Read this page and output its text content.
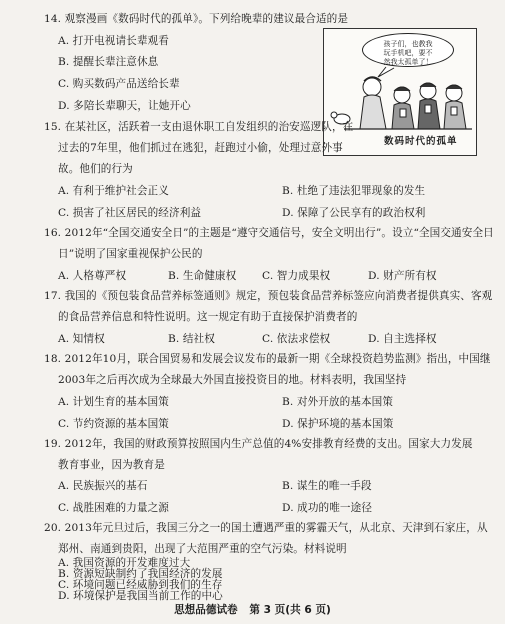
14. 观察漫画《数码时代的孤单》。下列给晚辈的建议最合适的是
A. 打开电视请长辈观看
B. 提醒长辈注意休息
C. 购买数码产品送给长辈
D. 多陪长辈聊天，让她开心
孩子们，也教我
玩手机吧，要不
然我太孤单了！
数码时代的孤单
15. 在某社区，活跃着一支由退休职工自发组织的治安巡逻队，在
过去的7年里，他们抓过在逃犯，赶跑过小偷，处理过意外事
故。他们的行为
A. 有利于维护社会正义	B. 杜绝了违法犯罪现象的发生
C. 损害了社区居民的经济利益	D. 保障了公民享有的政治权利
16. 2012年“全国交通安全日”的主题是“遵守交通信号，安全文明出行”。设立“全国交通安全日
日”说明了国家重视保护公民的
A. 人格尊严权	B. 生命健康权 C. 智力成果权	D. 财产所有权
17. 我国的《预包装食品营养标签通则》规定，预包装食品营养标签应向消费者提供真实、客观
的食品营养信息和特性说明。这一规定有助于直接保护消费者的
A. 知情权	B. 结社权	C. 依法求偿权	D. 自主选择权
18. 2012年10月，联合国贸易和发展会议发布的最新一期《全球投资趋势监测》指出，中国继
2003年之后再次成为全球最大外国直接投资目的地。材料表明，我国坚持
A. 计划生育的基本国策	B. 对外开放的基本国策
C. 节约资源的基本国策	D. 保护环境的基本国策
19. 2012年，我国的财政预算按照国内生产总值的4%安排教育经费的支出。国家大力发展
教育事业，因为教育是
A. 民族振兴的基石	B. 谋生的唯一手段
C. 战胜困难的力量之源	D. 成功的唯一途径
20. 2013年元旦过后，我国三分之一的国土遭遇严重的雾霾天气，从北京、天津到石家庄，从
郑州、南通到贵阳，出现了大范围严重的空气污染。材料说明
A. 我国资源的开发难度过大
B. 资源短缺制约了我国经济的发展
C. 环境问题已经威胁到我们的生存
D. 环境保护是我国当前工作的中心
思想品德试卷 第 3 页(共 6 页)
